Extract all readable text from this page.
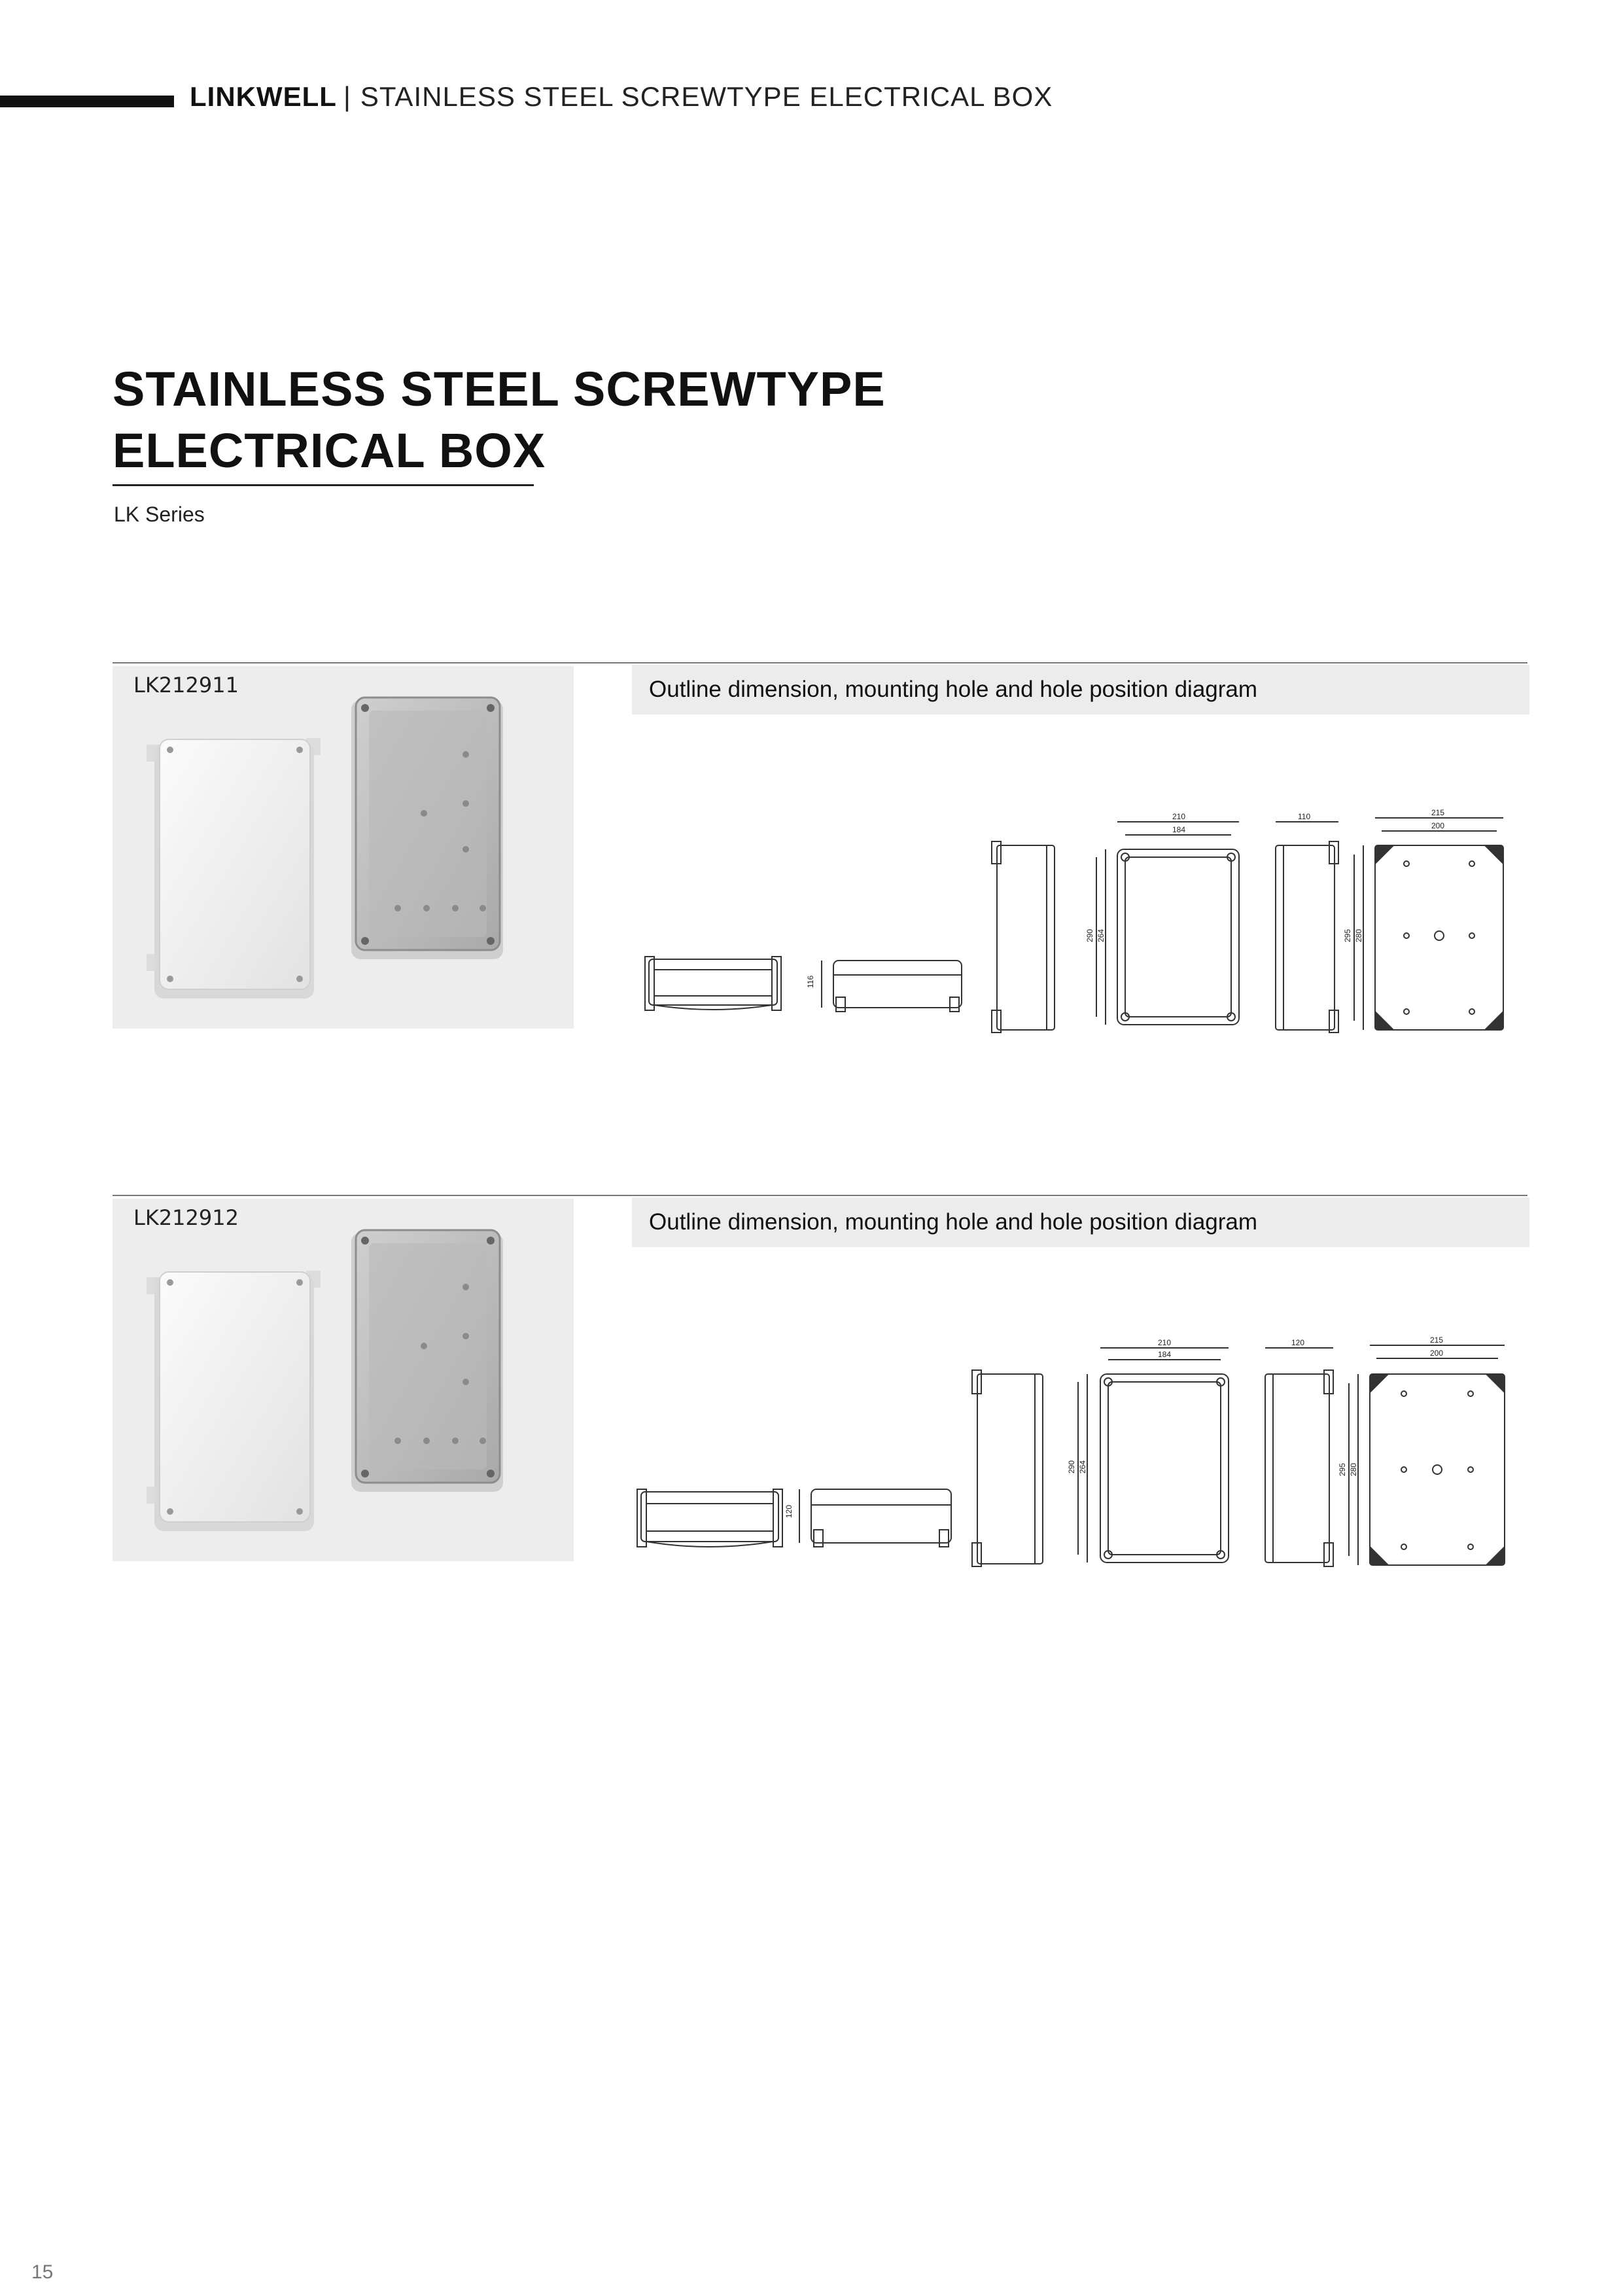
LINKWELL | STAINLESS STEEL SCREWTYPE ELECTRICAL BOX
STAINLESS STEEL SCREWTYPE
ELECTRICAL BOX
LK Series
LK212911	Outline dimension, mounting hole and hole position diagram
116
210
184
290 264
110	215
200
295 280
LK212912	Outline dimension, mounting hole and hole position diagram
120
210
184
290 264
120	215
200
295 280
15
